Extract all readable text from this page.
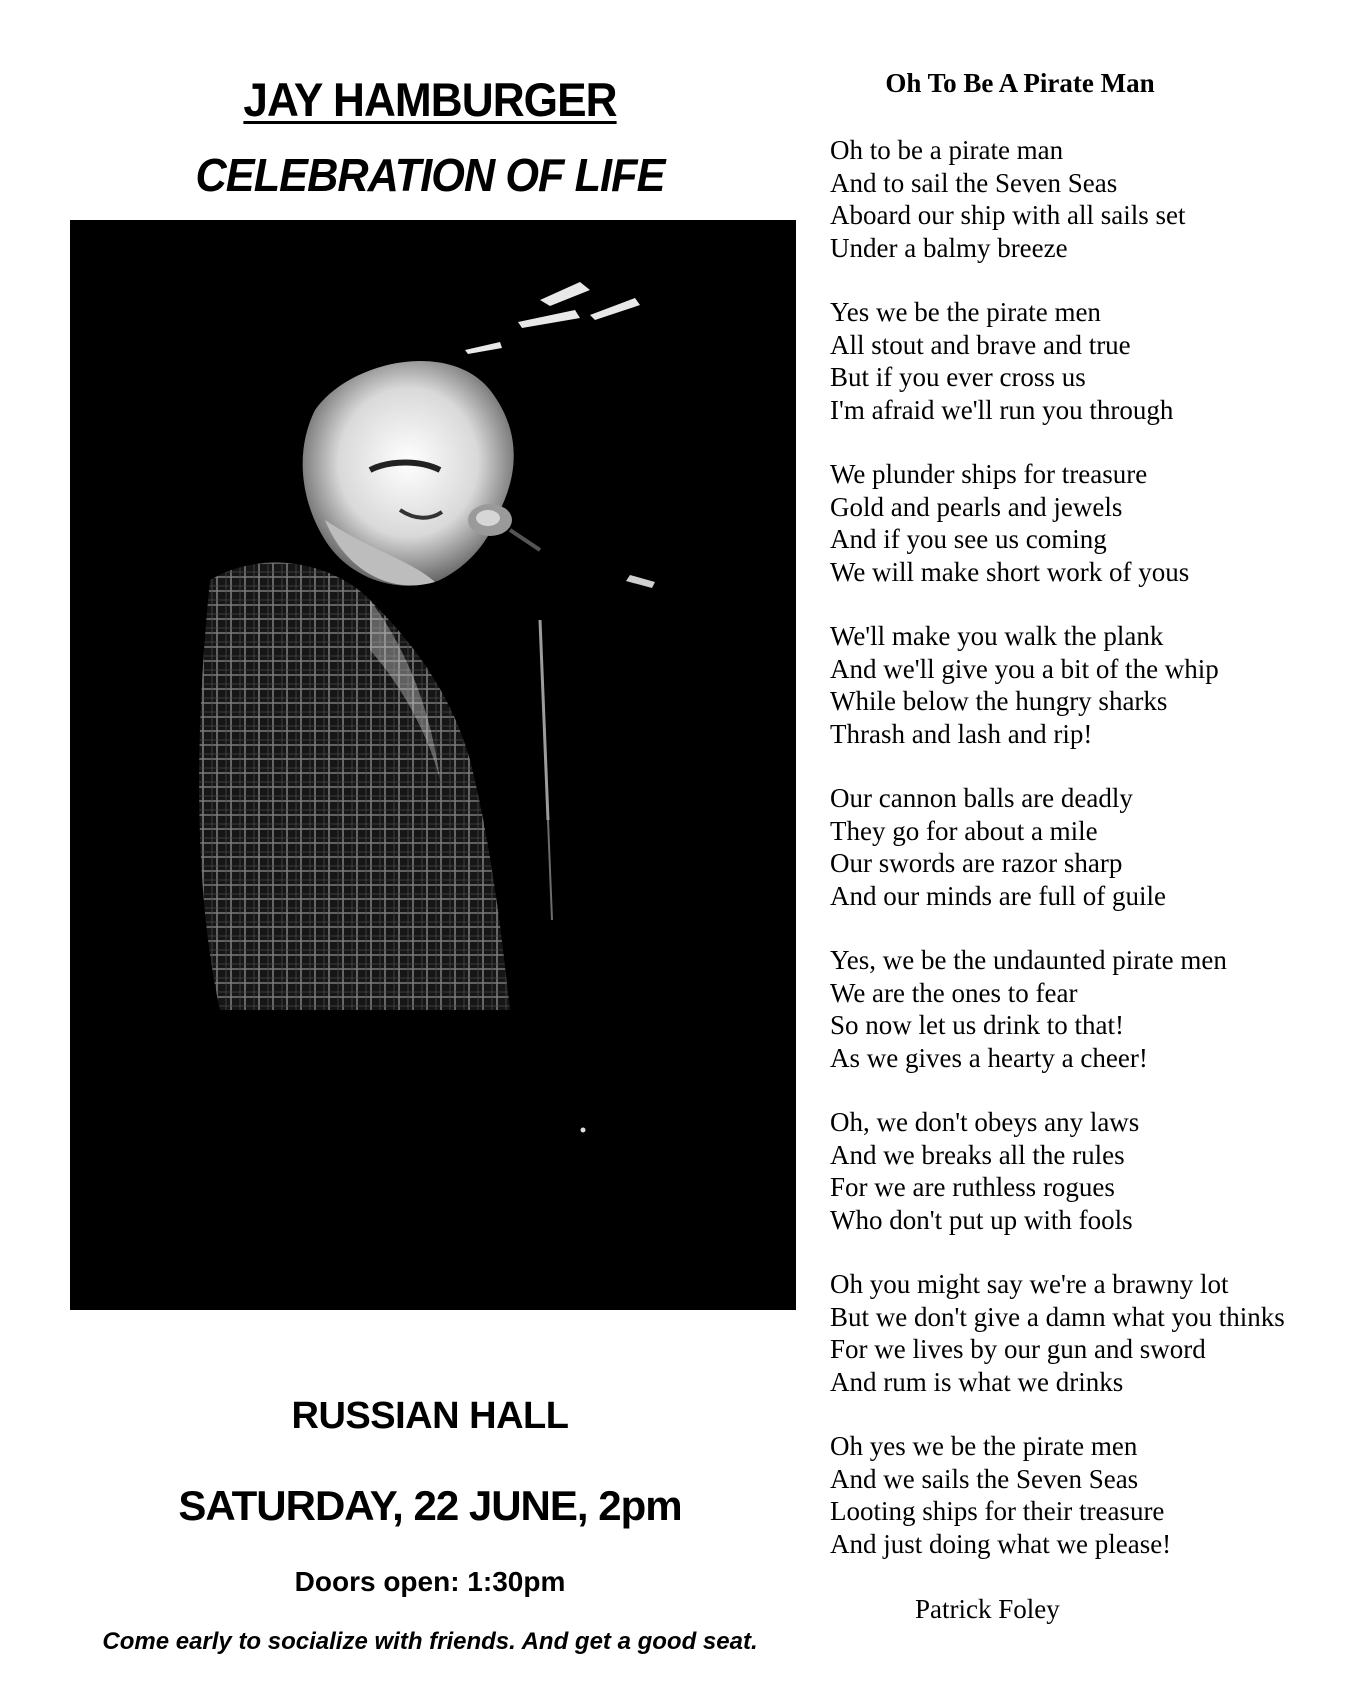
JAY HAMBURGER
CELEBRATION OF LIFE
RUSSIAN HALL
SATURDAY, 22 JUNE, 2pm
Doors open: 1:30pm
Come early to socialize with friends. And get a good seat.
Oh To Be A Pirate Man
Oh to be a pirate man
And to sail the Seven Seas
Aboard our ship with all sails set
Under a balmy breeze
Yes we be the pirate men
All stout and brave and true
But if you ever cross us
I'm afraid we'll run you through
We plunder ships for treasure
Gold and pearls and jewels
And if you see us coming
We will make short work of yous
We'll make you walk the plank
And we'll give you a bit of the whip
While below the hungry sharks
Thrash and lash and rip!
Our cannon balls are deadly
They go for about a mile
Our swords are razor sharp
And our minds are full of guile
Yes, we be the undaunted pirate men
We are the ones to fear
So now let us drink to that!
As we gives a hearty a cheer!
Oh, we don't obeys any laws
And we breaks all the rules
For we are ruthless rogues
Who don't put up with fools
Oh you might say we're a brawny lot
But we don't give a damn what you thinks
For we lives by our gun and sword
And rum is what we drinks
Oh yes we be the pirate men
And we sails the Seven Seas
Looting ships for their treasure
And just doing what we please!
Patrick Foley
